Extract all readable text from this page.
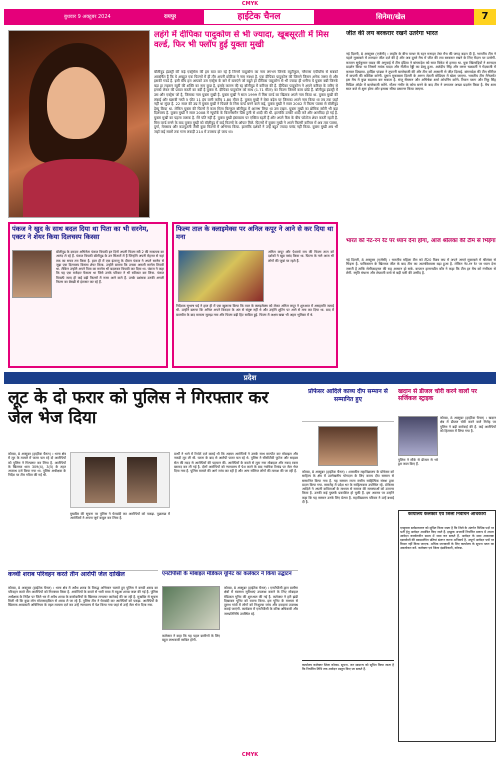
CMYK
बुधवार 9 अक्टूबर 2024	रायपुर	हाईटेक चैनल	सिनेमा/खेल	7
लहंगे में दीपिका पादुकोण से भी ज्यादा, खूबसूरती में मिस वर्ल्ड, फिर भी फ्लॉप हुई युक्ता मुखी
बॉलीवुड इंडस्ट्री की कई एक्ट्रेसेस की हम बात कर रहे हैं जिनमें पादुकोण का नाम लगभग जिनके ब्यूटीफुल, ग्लैमरस एपीयरेंस से सबको आकर्षित हैं कि ये अबहुत एक फिल्मों में ही तौर अपनी छोटिया ने नाम नक्शा है. एक दीपिका पादुकोण की जिसने जिसन अनेक जरूर से और इसकी गवर्ड है. इसी बीच हम आपको उस एक्ट्रेस के बारे में बताएंगे जो बहुते हो दीपिका पादुकोण से भी ज्यादा ही धनीना ये युक्ता बन्नी जिनके बड़ा हा लहरान ब्यूटी की शक्ति का नाम कुछ है. इसके कारण की रह बॉलीवुड में करियर की है. दीपिका पादुकोण ने अपने करियर के जरिए से इनको लेकर की प्रायत करती का बर्दी है युक्ता में. दीपिका पादुकोण को साथ (1.71 मीटर) का फिल्म जिसमें काम छोडे हैं. बॉलीवुड इंडस्ट्री में उस और एक्ट्रेस जो है, जिसका नाम युक्ता मुखी है. युक्ता मुखी ने साल 1999 में मिस वर्ल्ड का खिताब अपने नाम किया था. युक्ता मुखी की लंबाई और खराबी नापी 5 फीट 11 इंच यानी करीब 1.80 मीटर है. युक्ता मुखी ने बेस्ट बड़ेस पर जिसका अपने नाम किया था तब तक जहाँ नहीं था सुंदर है. 22 साल की उम्र में युक्ता मुखी ने पिछले के मिस वर्ल्ड बनने वाले कई, युक्ता मुखी ने साल 2002 में फिल्म प्यासा से बॉलीवुड डेब्यू किया था. लेकिन युक्ता की फिल्में में काम मिला बिल्कुल बॉलीवुड में आरम्भ लिया था उस टाइम. युक्ता मुखी का ब्रोमिक स्टोरी भी बड़ा दिलचस्प है. युक्ता मुखी ने साल 2008 में न्यूयॉर्क के बिजनेसमैन प्रिंस टुली से शादी की थी. हालांकि उनकी शादी करें और अलविदा हो गई है. युक्ता मुखी का पहला तलाक है. मेरे पति नहीं हैं. युक्ता मुखी इंस्टाग्राम पर एक्टिव रहती हैं और अपने फैंस के बीच फोटोज शेयर करती रहती हैं. मिस वर्ल्ड बनने के बाद युक्ता मुखी को बॉलीवुड में कई फिल्मों के ऑफर मिले. फिल्मों में युक्ता मुखी ने अपने फिल्मी करियर में अब तक प्यासा, दुर्गा, मेमसाब और कठपुतली जैसी कुछ फिल्मों में अभिनय किया. हालांकि दर्शकों ने उन्हें बहुत ज्यादा पसंद नहीं किया. युक्ता मुखी अब भी जहाँ कई सालों तक गरम लकड़ी 214 में उत्तराय हो जाय था।
जीत की लय बरकरार रखने उतरेगा भारत
नई दिल्ली, 8 अक्टूबर (एजेंसी) । लाहौर के बीच पत्थर के रहन मनाइए टेस्ट मैच की जगह बदल दी है. भारतीय टीम ने पहले मुकाबले में शानदार जीत दर्ज की है और अब दूसरे मैच में जीत की लय बरकरार रखने के लिए मैदान पर उतरेगी. कप्तान सूर्यकुमार यादव की अगुवाई में टीम इंडिया ने बांग्लादेश को सात विकेट से हराया था. युवा खिलाड़ियों ने शानदार प्रदर्शन किया था जिसमें मयंक यादव और नीतीश रेड्डी का डेब्यू हुआ. अर्शदीप सिंह और वरुण चक्रवर्ती ने गेंदबाजी में कमाल दिखाया. हार्दिक पांड्या ने तूफानी बल्लेबाजी की और टीम को आसानी से जीत दिलाई. बांग्लादेश की टीम सीरीज में वापसी की कोशिश करेगी. दूसरा मुकाबला दिल्ली के अरुण जेटली स्टेडियम में खेला जाएगा. भारतीय टीम मैनेजमेंट इस मैच में कुछ बदलाव कर सकता है. संजू सैमसन और अभिषेक शर्मा ओपनिंग करेंगे. रियान पराग और रिंकू सिंह मिडिल ऑर्डर में बल्लेबाजी करेंगे. गौतम गंभीर के कोच बनने के बाद टीम ने लगातार अच्छा प्रदर्शन किया है. मैच शाम सात बजे से शुरू होगा और इसका सीधा प्रसारण किया जाएगा.
भारत को नेट-रन रेट पर ध्यान देना होगा, आज श्रीलंका की टीम से भिड़ेगा
नई दिल्ली, 8 अक्टूबर (एजेंसी) । भारतीय महिला टीम को टी20 विश्व कप में अपने अगले मुकाबले में श्रीलंका से भिड़ना है. पाकिस्तान के खिलाफ जीत के बाद टीम का आत्मविश्वास बढ़ा हुआ है. लेकिन नेट-रन रेट पर ध्यान देना जरूरी है ताकि सेमीफाइनल की राह आसान हो सके. कप्तान हरमनप्रीत कौर ने कहा कि टीम हर मैच को गंभीरता से लेगी. स्मृति मंधाना और शेफाली वर्मा से बड़ी पारी की उम्मीद है.
पंकज ने खुद के साथ बदल दिया था पिता का भी सरनेम, एक्टर ने शेयर किया दिलचस्प किस्सा
बॉलीवुड के दमदार अभिनेता पंकज त्रिपाठी इन दिनों अपनी फिल्म स्त्री 2 की सफलता का आनंद ले रहे हैं. पंकज त्रिपाठी बॉलीवुड के उन सितारों में हैं जिन्होंने अपनी मेहनत से यहां तक का सफर तय किया है. हाल ही में एक इंटरव्यू के दौरान पंकज ने अपने सरनेम से जुड़ा एक दिलचस्प किस्सा शेयर किया. उन्होंने बताया कि उनका असली सरनेम तिवारी था. लेकिन उन्होंने अपने पिता का सरनेम भी बदलकर त्रिपाठी कर दिया था. पंकज ने कहा कि यह एक मजेदार फैसला था जिसे उनके परिवार ने भी स्वीकार कर लिया. पंकज त्रिपाठी जल्द ही कई बड़ी फिल्मों में नजर आने वाले हैं. उनके प्रशंसक उनकी अगली फिल्म का बेसब्री से इंतजार कर रहे हैं.
फिल्म ताल के क्लाइमेक्स पर अनिल कपूर ने आने से कर दिया था मना
अनिल कपूर और ऐश्वर्या राय की फिल्म ताल को दर्शकों ने खूब पसंद किया था. फिल्म के गाने आज भी लोगों की जुबां पर रहते हैं.
निर्देशक सुभाष घई ने हाल ही में एक खुलासा किया कि ताल के क्लाइमेक्स को लेकर अनिल कपूर ने शुरुआत में असहमति जताई थी. उन्होंने बताया कि अनिल अपने किरदार के अंत से संतुष्ट नहीं थे और उन्होंने शूटिंग पर आने से मना कर दिया था. बाद में बातचीत के बाद मामला सुलझ गया और फिल्म बड़ी हिट साबित हुई. फिल्म में अक्षय खन्ना भी अहम भूमिका में थे.
प्रदेश
लूट के दो फरार को पुलिस ने गिरफ्तार कर जेल भेज दिया
कोरबा, 8 अक्टूबर (हाईटेक चैनल) । थाना क्षेत्र में लूट के मामले में फरार चल रहे दो आरोपियों को पुलिस ने गिरफ्तार कर लिया है. आरोपियों के खिलाफ धारा 309(4), 3(5) के तहत अपराध दर्ज किया गया था. पुलिस अधीक्षक के निर्देश पर टीम गठित की गई थी.
मुखबिर की सूचना पर पुलिस ने घेराबंदी कर आरोपियों को पकड़ा. पूछताछ में आरोपियों ने अपना जुर्म कबूल कर लिया है.
प्रार्थी ने थाने में रिपोर्ट दर्ज कराई थी कि अज्ञात आरोपियों ने उसके साथ मारपीट कर मोबाइल और नकदी लूट ली थी. घटना के बाद से आरोपी फरार चल रहे थे. पुलिस ने सीसीटीवी फुटेज और साइबर सेल की मदद से आरोपियों की पहचान की. आरोपियों के कब्जे से लूटा गया मोबाइल और नकद रकम बरामद कर ली गई है. दोनों आरोपियों को न्यायालय में पेश करने के बाद न्यायिक रिमांड पर जेल भेज दिया गया है. पुलिस मामले की आगे जांच कर रही है और अन्य संलिप्त लोगों की तलाश की जा रही है.
प्रोफेसर आदिले काव्य दीप सम्मान से सम्मानित हुए
कोरबा, 8 अक्टूबर (हाईटेक चैनल) । शासकीय महाविद्यालय के प्रोफेसर को साहित्य के क्षेत्र में उल्लेखनीय योगदान के लिए काव्य दीप सम्मान से सम्मानित किया गया है. यह सम्मान राज्य स्तरीय साहित्यिक संस्था द्वारा प्रदान किया गया. समारोह में प्रदेश भर के साहित्यकार उपस्थित रहे. प्रोफेसर आदिले ने अपनी कविताओं के माध्यम से समाज की समस्याओं को उजागर किया है. उनकी कई पुस्तकें प्रकाशित हो चुकी हैं. इस अवसर पर उन्होंने कहा कि यह सम्मान उनके लिए प्रेरणा है. महाविद्यालय परिवार ने उन्हें बधाई दी है.
कार्यालय कलेक्टर जिला कोरबा. सूचना. जन सामान्य को सूचित किया जाता है कि निर्धारित तिथि तक आवेदन प्रस्तुत किए जा सकते हैं.
खदान से डीजल चोरी करने वालों पर सर्जिकल स्ट्राइक
कोरबा, 8 अक्टूबर (हाईटेक चैनल) । खदान क्षेत्र में डीजल चोरी करने वाले गिरोह पर पुलिस ने बड़ी कार्रवाई की है. कई आरोपियों को हिरासत में लिया गया है.
पुलिस ने मौके से डीजल से भरे ड्रम जब्त किए हैं.
कार्यालय कलेक्टर एवं जिला निर्वाचन अधिकारी
एतद्द्वारा सर्वसाधारण को सूचित किया जाता है कि जिले के अंतर्गत विभिन्न पदों पर भर्ती हेतु आवेदन आमंत्रित किए जाते हैं. इच्छुक अभ्यर्थी निर्धारित प्रारूप में अपना आवेदन कार्यालयीन समय में जमा कर सकते हैं. आवेदन के साथ आवश्यक दस्तावेजों की स्वप्रमाणित प्रतियां संलग्न करना अनिवार्य है. अपूर्ण आवेदन पत्रों पर विचार नहीं किया जाएगा. अधिक जानकारी के लिए कार्यालय के सूचना पटल का अवलोकन करें. कलेक्टर एवं जिला दंडाधिकारी, कोरबा.
कच्ची शराब परिवहन करते तीन आरोपी जेल दाखिल
कोरबा, 8 अक्टूबर (हाईटेक चैनल) । थाना क्षेत्र में अवैध शराब के विरुद्ध अभियान चलाते हुए पुलिस ने कच्ची शराब का परिवहन करते तीन आरोपियों को गिरफ्तार किया है. आरोपियों के कब्जे से भारी मात्रा में महुआ शराब जब्त की गई है. पुलिस अधीक्षक के निर्देश पर जिले भर में अवैध शराब के कारोबारियों के खिलाफ लगातार कार्रवाई की जा रही है. मुखबिर से सूचना मिली थी कि कुछ लोग मोटरसाइकिल से शराब ले जा रहे हैं. पुलिस टीम ने घेराबंदी कर आरोपियों को पकड़ा. आरोपियों के खिलाफ आबकारी अधिनियम के तहत मामला दर्ज कर उन्हें न्यायालय में पेश किया गया जहां से उन्हें जेल भेज दिया गया.
एनटीपीसी के मोबाइल मेडिकल यूनिट का कलेक्टर ने किया उद्घाटन
कोरबा, 8 अक्टूबर (हाईटेक चैनल) । एनटीपीसी द्वारा ग्रामीण क्षेत्रों में स्वास्थ्य सुविधाएं उपलब्ध कराने के लिए मोबाइल मेडिकल यूनिट की शुरुआत की गई है. कलेक्टर ने हरी झंडी दिखाकर यूनिट को रवाना किया. इस यूनिट के माध्यम से दूरस्थ गांवों में लोगों को निःशुल्क जांच और दवाइयां उपलब्ध कराई जाएंगी. कार्यक्रम में एनटीपीसी के वरिष्ठ अधिकारी और जनप्रतिनिधि उपस्थित रहे.
कलेक्टर ने कहा कि यह पहल ग्रामीणों के लिए बहुत लाभकारी साबित होगी.
CMYK
